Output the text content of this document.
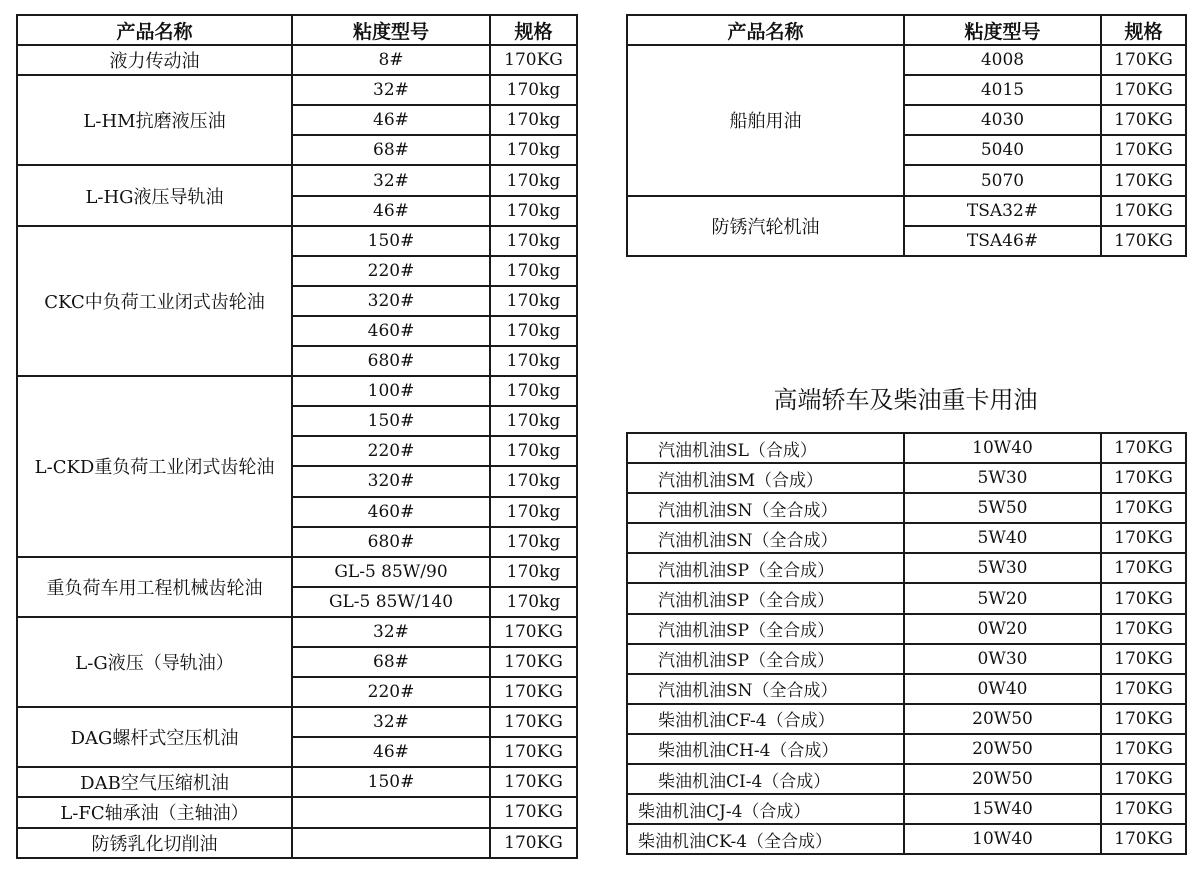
产品名称	粘度型号	规格
液力传动油	8#	170KG
L-HM抗磨液压油	32#	170kg
	46#	170kg
	68#	170kg
L-HG液压导轨油	32#	170kg
	46#	170kg
CKC中负荷工业闭式齿轮油	150#	170kg
	220#	170kg
	320#	170kg
	460#	170kg
	680#	170kg
L-CKD重负荷工业闭式齿轮油	100#	170kg
	150#	170kg
	220#	170kg
	320#	170kg
	460#	170kg
	680#	170kg
重负荷车用工程机械齿轮油	GL-5 85W/90	170kg
	GL-5 85W/140	170kg
L-G液压（导轨油）	32#	170KG
	68#	170KG
	220#	170KG
DAG螺杆式空压机油	32#	170KG
	46#	170KG
DAB空气压缩机油	150#	170KG
L-FC轴承油（主轴油）		170KG
防锈乳化切削油		170KG
产品名称	粘度型号	规格
船舶用油	4008	170KG
	4015	170KG
	4030	170KG
	5040	170KG
	5070	170KG
防锈汽轮机油	TSA32#	170KG
	TSA46#	170KG
高端轿车及柴油重卡用油
汽油机油SL（合成）	10W40	170KG
汽油机油SM（合成）	5W30	170KG
汽油机油SN（全合成）	5W50	170KG
汽油机油SN（全合成）	5W40	170KG
汽油机油SP（全合成）	5W30	170KG
汽油机油SP（全合成）	5W20	170KG
汽油机油SP（全合成）	0W20	170KG
汽油机油SP（全合成）	0W30	170KG
汽油机油SN（全合成）	0W40	170KG
柴油机油CF-4（合成）	20W50	170KG
柴油机油CH-4（合成）	20W50	170KG
柴油机油CI-4（合成）	20W50	170KG
柴油机油CJ-4（合成）	15W40	170KG
柴油机油CK-4（全合成）	10W40	170KG
